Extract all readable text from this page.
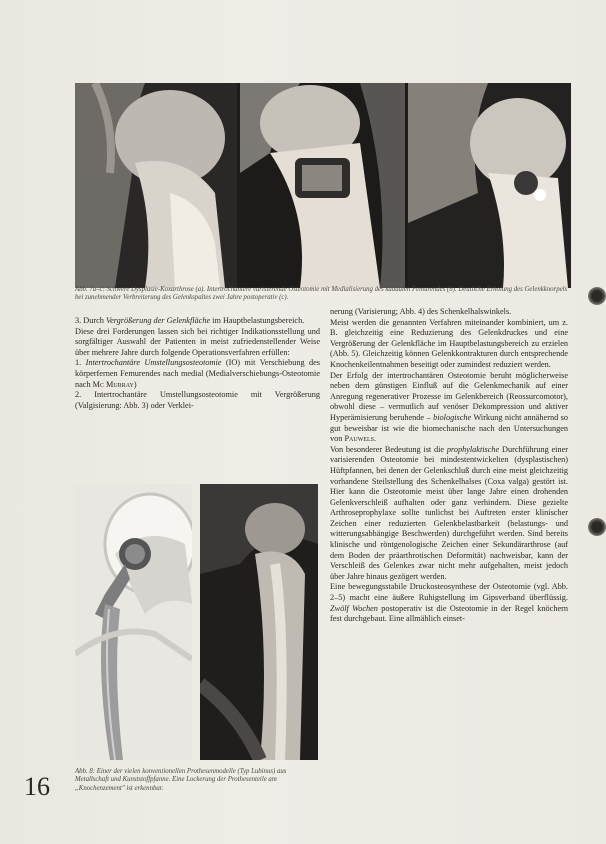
Abb. 7a–c: Schwere Dysplasie-Koxarthrose (a). Intertrochantere varisierende Osteotomie mit Medialisierung des kaudalen Femurendes (b). Deutliche Erholung des Gelenkknorpels bei zunehmender Verbreiterung des Gelenkspaltes zwei Jahre postoperativ (c).

3. Durch Vergrößerung der Gelenkfläche im Hauptbelastungsbereich.

Diese drei Forderungen lassen sich bei richtiger Indikationsstellung und sorgfältiger Auswahl der Patienten in meist zufriedenstellender Weise über mehrere Jahre durch folgende Operationsverfahren erfüllen:

1. Intertrochantäre Umstellungsosteotomie (IO) mit Verschiebung des körperfernen Femurendes nach medial (Medialverschiebungs-Osteotomie nach Mc Murray)

2. Intertrochantäre Umstellungsosteotomie mit Vergrößerung (Valgisierung: Abb. 3) oder Verklei-

Abb. 8: Einer der vielen konventionellen Prothesenmodelle (Typ Lubinus) aus Metallschaft und Kunststoffpfanne. Eine Lockerung der Prothesenteile am „Knochenzement" ist erkennbar.
16

nerung (Varisierung; Abb. 4) des Schenkelhalswinkels.

Meist werden die genannten Verfahren miteinander kombiniert, um z. B. gleichzeitig eine Reduzierung des Gelenkdruckes und eine Vergrößerung der Gelenkfläche im Hauptbelastungsbereich zu erzielen (Abb. 5). Gleichzeitig können Gelenkkontrakturen durch entsprechende Knochenkeilentnahmen beseitigt oder zumindest reduziert werden.

Der Erfolg der intertrochantären Osteotomie beruht möglicherweise neben dem günstigen Einfluß auf die Gelenkmechanik auf einer Anregung regenerativer Prozesse im Gelenkbereich (Reossurcomotor), obwohl diese – vermutlich auf venöser Dekompression und aktiver Hyperämisierung beruhende – biologische Wirkung nicht annähernd so gut beweisbar ist wie die biomechanische nach den Untersuchungen von Pauwels.

Von besonderer Bedeutung ist die prophylaktische Durchführung einer varisierenden Osteotomie bei mindestentwickelten (dysplastischen) Hüftpfannen, bei denen der Gelenkschluß durch eine meist gleichzeitig vorhandene Steilstellung des Schenkelhalses (Coxa valga) gestört ist. Hier kann die Osteotomie meist über lange Jahre einen drohenden Gelenkverschleiß aufhalten oder ganz verhindern. Diese gezielte Arthroseprophylaxe sollte tunlichst bei Auftreten erster klinischer Zeichen einer reduzierten Gelenkbelastbarkeit (belastungs- und witterungsabhängige Beschwerden) durchgeführt werden. Sind bereits klinische und röntgenologische Zeichen einer Sekundärarthrose (auf dem Boden der präarthrotischen Deformität) nachweisbar, kann der Verschleiß des Gelenkes zwar nicht mehr aufgehalten, meist jedoch über Jahre hinaus gezögert werden.

Eine bewegungsstabile Druckosteosynthese der Osteotomie (vgl. Abb. 2–5) macht eine äußere Ruhigstellung im Gipsverband überflüssig. Zwölf Wochen postoperativ ist die Osteotomie in der Regel knöchern fest durchgebaut. Eine allmählich einset-
